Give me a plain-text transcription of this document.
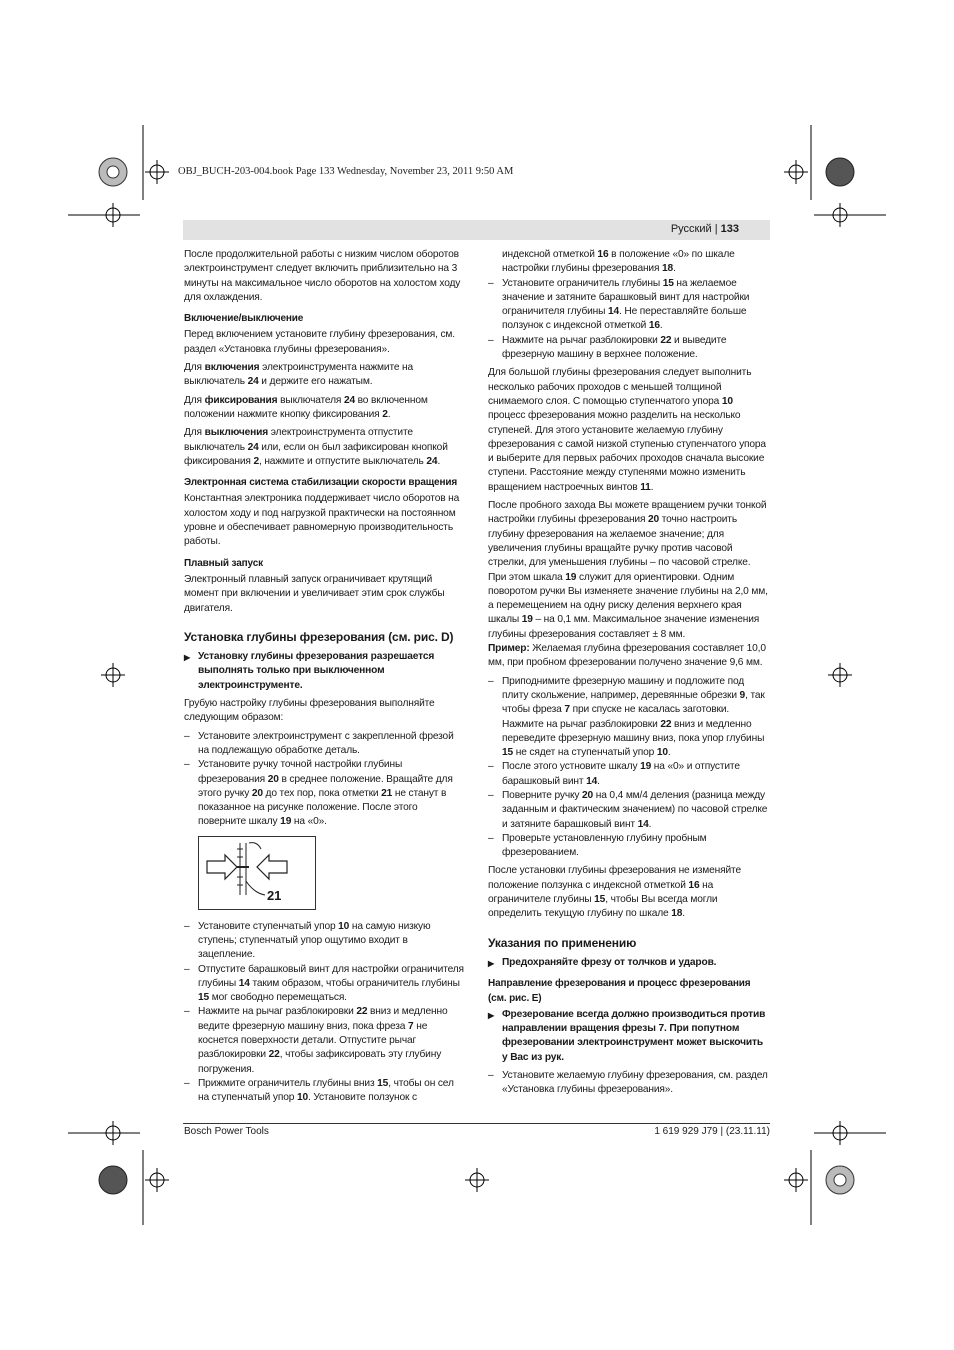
OBJ_BUCH-203-004.book Page 133 Wednesday, November 23, 2011 9:50 AM
Русский | 133

После продолжительной работы с низким числом оборотов электроинструмент следует включить приблизительно на 3 минуты на максимальное число оборотов на холостом ходу для охлаждения.

Включение/выключение

Перед включением установите глубину фрезерования, см. раздел «Установка глубины фрезерования».

Для включения электроинструмента нажмите на выключатель 24 и держите его нажатым.

Для фиксирования выключателя 24 во включенном положении нажмите кнопку фиксирования 2.

Для выключения электроинструмента отпустите выключатель 24 или, если он был зафиксирован кнопкой фиксирования 2, нажмите и отпустите выключатель 24.

Электронная система стабилизации скорости вращения

Константная электроника поддерживает число оборотов на холостом ходу и под нагрузкой практически на постоянном уровне и обеспечивает равномерную производительность работы.

Плавный запуск

Электронный плавный запуск ограничивает крутящий момент при включении и увеличивает этим срок службы двигателя.

Установка глубины фрезерования (см. рис. D)
▶ Установку глубины фрезерования разрешается выполнять только при выключенном электроинструменте.

Грубую настройку глубины фрезерования выполняйте следующим образом:

– Установите электроинструмент с закрепленной фрезой на подлежащую обработке деталь.
– Установите ручку точной настройки глубины фрезерования 20 в среднее положение. Вращайте для этого ручку 20 до тех пор, пока отметки 21 не станут в показанное на рисунке положение. После этого поверните шкалу 19 на «0».
21
– Установите ступенчатый упор 10 на самую низкую ступень; ступенчатый упор ощутимо входит в зацепление.
– Отпустите барашковый винт для настройки ограничителя глубины 14 таким образом, чтобы ограничитель глубины 15 мог свободно перемещаться.
– Нажмите на рычаг разблокировки 22 вниз и медленно ведите фрезерную машину вниз, пока фреза 7 не коснется поверхности детали. Отпустите рычаг разблокировки 22, чтобы зафиксировать эту глубину погружения.
– Прижмите ограничитель глубины вниз 15, чтобы он сел на ступенчатый упор 10. Установите ползунок с
индексной отметкой 16 в положение «0» по шкале настройки глубины фрезерования 18.
– Установите ограничитель глубины 15 на желаемое значение и затяните барашковый винт для настройки ограничителя глубины 14. Не переставляйте больше ползунок с индексной отметкой 16.
– Нажмите на рычаг разблокировки 22 и выведите фрезерную машину в верхнее положение.

Для большой глубины фрезерования следует выполнить несколько рабочих проходов с меньшей толщиной снимаемого слоя. С помощью ступенчатого упора 10 процесс фрезерования можно разделить на несколько ступеней. Для этого установите желаемую глубину фрезерования с самой низкой ступенью ступенчатого упора и выберите для первых рабочих проходов сначала высокие ступени. Расстояние между ступенями можно изменить вращением настроечных винтов 11.

После пробного захода Вы можете вращением ручки тонкой настройки глубины фрезерования 20 точно настроить глубину фрезерования на желаемое значение; для увеличения глубины вращайте ручку против часовой стрелки, для уменьшения глубины – по часовой стрелке. При этом шкала 19 служит для ориентировки. Одним поворотом ручки Вы изменяете значение глубины на 2,0 мм, а перемещением на одну риску деления верхнего края шкалы 19 – на 0,1 мм. Максимальное значение изменения глубины фрезерования составляет ± 8 мм.
Пример: Желаемая глубина фрезерования составляет 10,0 мм, при пробном фрезеровании получено значение 9,6 мм.

– Приподнимите фрезерную машину и подложите под плиту скольжение, например, деревянные обрезки 9, так чтобы фреза 7 при спуске не касалась заготовки. Нажмите на рычаг разблокировки 22 вниз и медленно переведите фрезерную машину вниз, пока упор глубины 15 не сядет на ступенчатый упор 10.
– После этого устновите шкалу 19 на «0» и отпустите барашковый винт 14.
– Поверните ручку 20 на 0,4 мм/4 деления (разница между заданным и фактическим значением) по часовой стрелке и затяните барашковый винт 14.
– Проверьте установленную глубину пробным фрезерованием.

После установки глубины фрезерования не изменяйте положение ползунка с индексной отметкой 16 на ограничителе глубины 15, чтобы Вы всегда могли определить текущую глубину по шкале 18.

Указания по применению
▶ Предохраняйте фрезу от толчков и ударов.
Направление фрезерования и процесс фрезерования (см. рис. E)
▶ Фрезерование всегда должно производиться против направлении вращения фрезы 7. При попутном фрезеровании электроинструмент может выскочить у Вас из рук.
– Установите желаемую глубину фрезерования, см. раздел «Установка глубины фрезерования».
Bosch Power Tools	1 619 929 J79 | (23.11.11)
